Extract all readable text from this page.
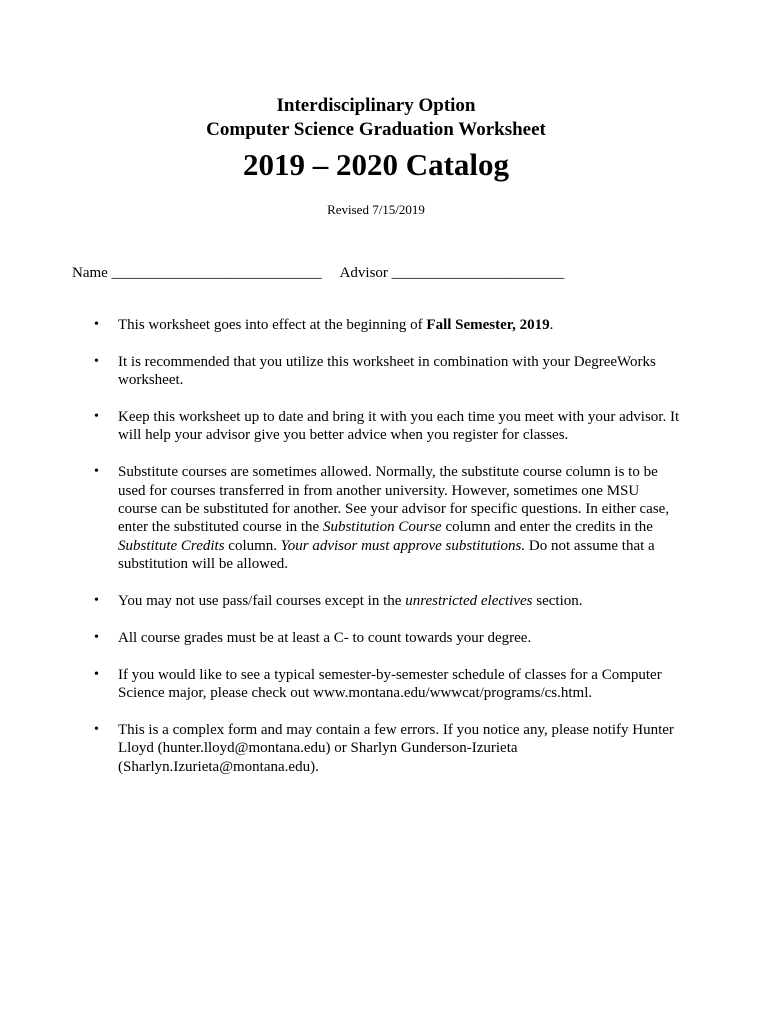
Interdisciplinary Option
Computer Science Graduation Worksheet
2019 – 2020 Catalog
Revised 7/15/2019
Name ____________________________ Advisor _______________________
• This worksheet goes into effect at the beginning of Fall Semester, 2019.
• It is recommended that you utilize this worksheet in combination with your DegreeWorks worksheet.
• Keep this worksheet up to date and bring it with you each time you meet with your advisor. It will help your advisor give you better advice when you register for classes.
• Substitute courses are sometimes allowed. Normally, the substitute course column is to be used for courses transferred in from another university. However, sometimes one MSU course can be substituted for another. See your advisor for specific questions. In either case, enter the substituted course in the Substitution Course column and enter the credits in the Substitute Credits column. Your advisor must approve substitutions. Do not assume that a substitution will be allowed.
• You may not use pass/fail courses except in the unrestricted electives section.
• All course grades must be at least a C- to count towards your degree.
• If you would like to see a typical semester-by-semester schedule of classes for a Computer Science major, please check out www.montana.edu/wwwcat/programs/cs.html.
• This is a complex form and may contain a few errors. If you notice any, please notify Hunter Lloyd (hunter.lloyd@montana.edu) or Sharlyn Gunderson-Izurieta (Sharlyn.Izurieta@montana.edu).
